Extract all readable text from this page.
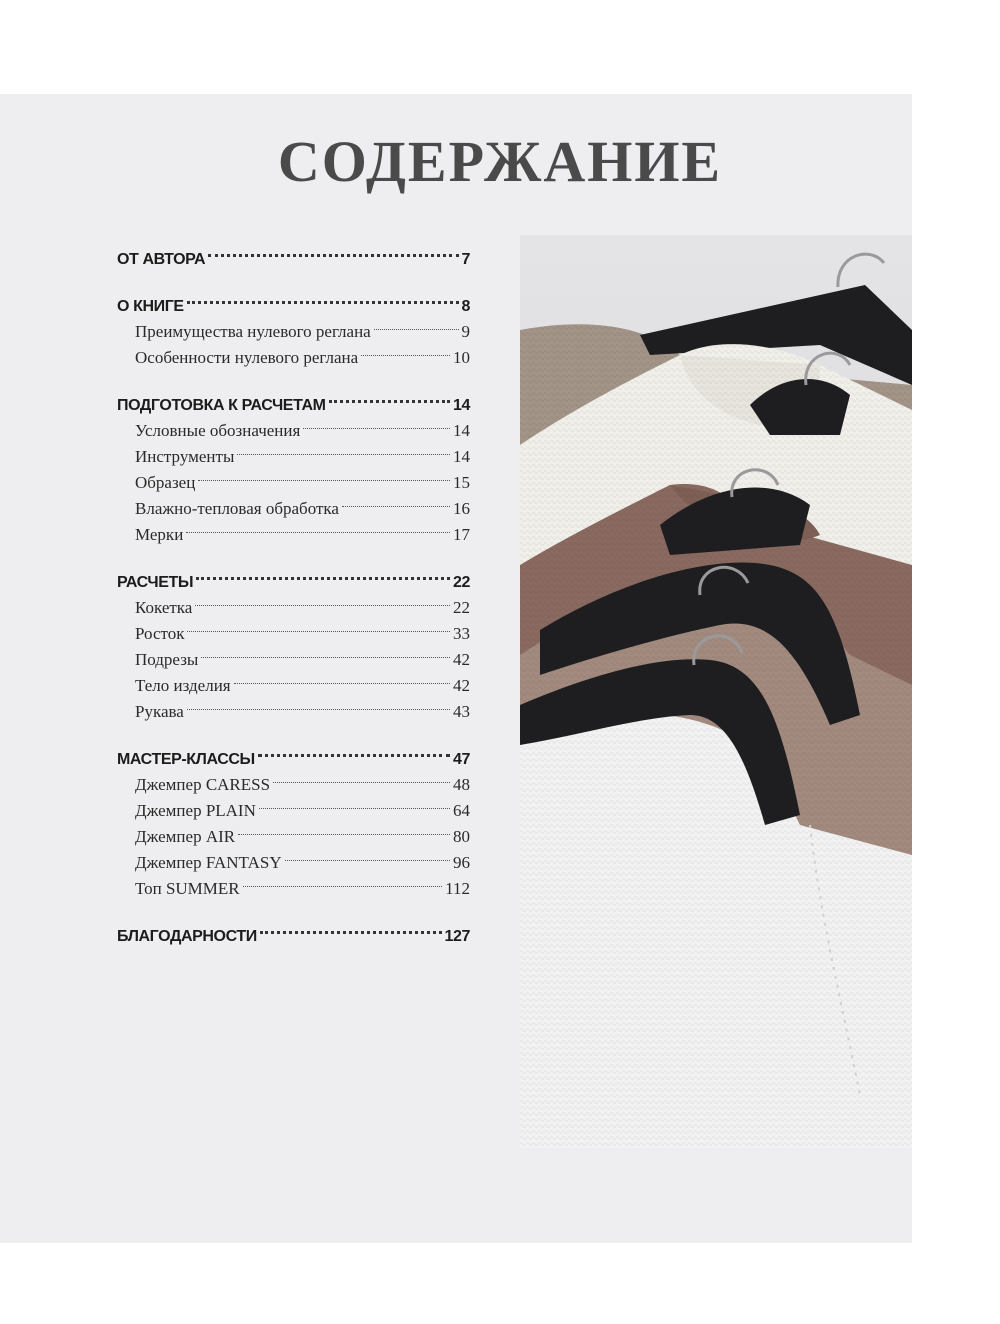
СОДЕРЖАНИЕ
ОТ АВТОРА	7
О КНИГЕ	8
Преимущества нулевого реглана	9
Особенности нулевого реглана	10
ПОДГОТОВКА К РАСЧЕТАМ	14
Условные обозначения	14
Инструменты	14
Образец	15
Влажно-тепловая обработка	16
Мерки	17
РАСЧЕТЫ	22
Кокетка	22
Росток	33
Подрезы	42
Тело изделия	42
Рукава	43
МАСТЕР-КЛАССЫ	47
Джемпер CARESS	48
Джемпер PLAIN	64
Джемпер AIR	80
Джемпер FANTASY	96
Топ SUMMER	112
БЛАГОДАРНОСТИ	127
